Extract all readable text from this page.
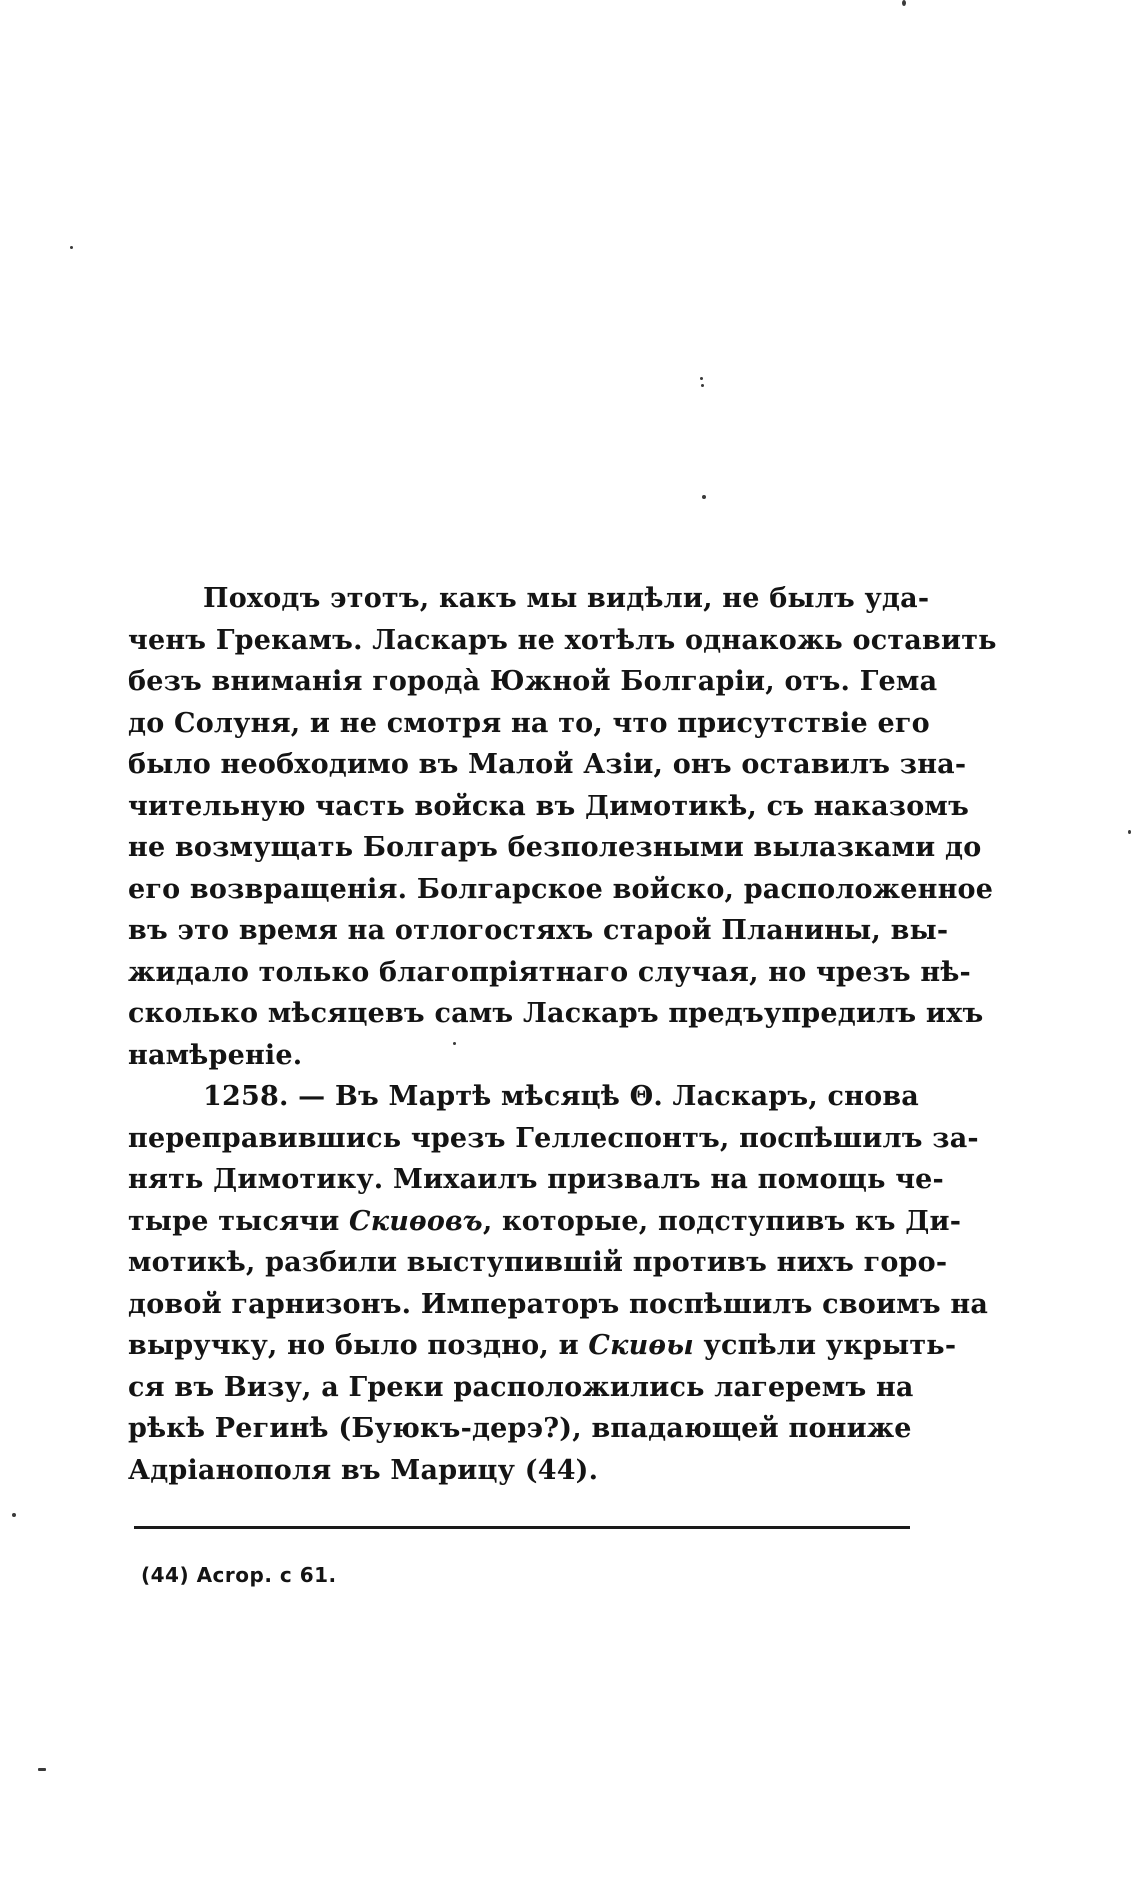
Походъ этотъ, какъ мы видѣли, не былъ уда-
ченъ Грекамъ. Ласкаръ не хотѣлъ однакожь оставить
безъ вниманія города̀ Южной Болгаріи, отъ. Гема
до Солуня, и не смотря на то, что присутствіе его
было необходимо въ Малой Азіи, онъ оставилъ зна-
чительную часть войска въ Димотикѣ, съ наказомъ
не возмущать Болгаръ безполезными вылазками до
его возвращенія. Болгарское войско, расположенное
въ это время на отлогостяхъ старой Планины, вы-
жидало только благопріятнаго случая, но чрезъ нѣ-
сколько мѣсяцевъ самъ Ласкаръ предъупредилъ ихъ
намѣреніе.
1258. — Въ Мартѣ мѣсяцѣ Θ. Ласкаръ, снова
переправившись чрезъ Геллеспонтъ, поспѣшилъ за-
нять Димотику. Михаилъ призвалъ на помощь че-
тыре тысячи Скиѳовъ, которые, подступивъ къ Ди-
мотикѣ, разбили выступившій противъ нихъ горо-
довой гарнизонъ. Императоръ поспѣшилъ своимъ на
выручку, но было поздно, и Скиѳы успѣли укрыть-
ся въ Визу, а Греки расположились лагеремъ на
рѣкѣ Регинѣ (Буюкъ-дерэ?), впадающей пониже
Адріанополя въ Марицу (44).
(44) Acrop. c 61.
